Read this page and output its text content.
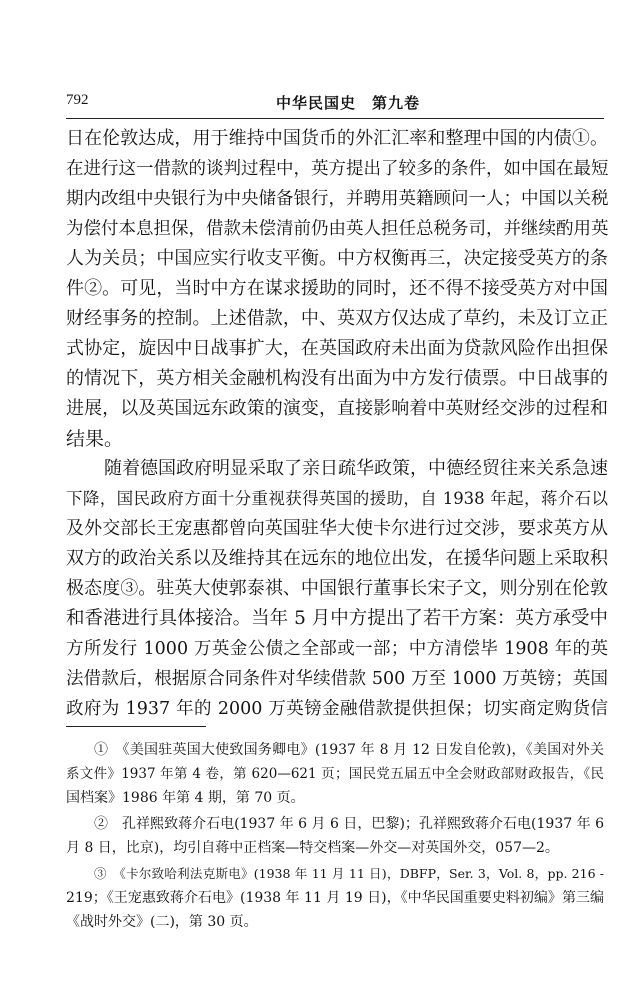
792	中华民国史　第九卷
日在伦敦达成，用于维持中国货币的外汇汇率和整理中国的内债①。
在进行这一借款的谈判过程中，英方提出了较多的条件，如中国在最短
期内改组中央银行为中央储备银行，并聘用英籍顾问一人；中国以关税
为偿付本息担保，借款未偿清前仍由英人担任总税务司，并继续酌用英
人为关员；中国应实行收支平衡。中方权衡再三，决定接受英方的条
件②。可见，当时中方在谋求援助的同时，还不得不接受英方对中国
财经事务的控制。上述借款，中、英双方仅达成了草约，未及订立正
式协定，旋因中日战事扩大，在英国政府未出面为贷款风险作出担保
的情况下，英方相关金融机构没有出面为中方发行债票。中日战事的
进展，以及英国远东政策的演变，直接影响着中英财经交涉的过程和
结果。
随着德国政府明显采取了亲日疏华政策，中德经贸往来关系急速
下降，国民政府方面十分重视获得英国的援助，自 1938 年起，蒋介石以
及外交部长王宠惠都曾向英国驻华大使卡尔进行过交涉，要求英方从
双方的政治关系以及维持其在远东的地位出发，在援华问题上采取积
极态度③。驻英大使郭泰祺、中国银行董事长宋子文，则分别在伦敦
和香港进行具体接洽。当年 5 月中方提出了若干方案：英方承受中
方所发行 1000 万英金公债之全部或一部；中方清偿毕 1908 年的英
法借款后，根据原合同条件对华续借款 500 万至 1000 万英镑；英国
政府为 1937 年的 2000 万英镑金融借款提供担保；切实商定购货信
①　《美国驻英国大使致国务卿电》(1937 年 8 月 12 日发自伦敦)，《美国对外关
系文件》1937 年第 4 卷，第 620—621 页；国民党五届五中全会财政部财政报告，《民
国档案》1986 年第 4 期，第 70 页。
②　孔祥熙致蒋介石电(1937 年 6 月 6 日，巴黎)；孔祥熙致蒋介石电(1937 年 6
月 8 日，比京)，均引自蒋中正档案—特交档案—外交—对英国外交，057—2。
③　《卡尔致哈利法克斯电》(1938 年 11 月 11 日)，DBFP，Ser. 3，Vol. 8，pp. 216 -
219；《王宠惠致蒋介石电》(1938 年 11 月 19 日)，《中华民国重要史料初编》第三编
《战时外交》(二)，第 30 页。
